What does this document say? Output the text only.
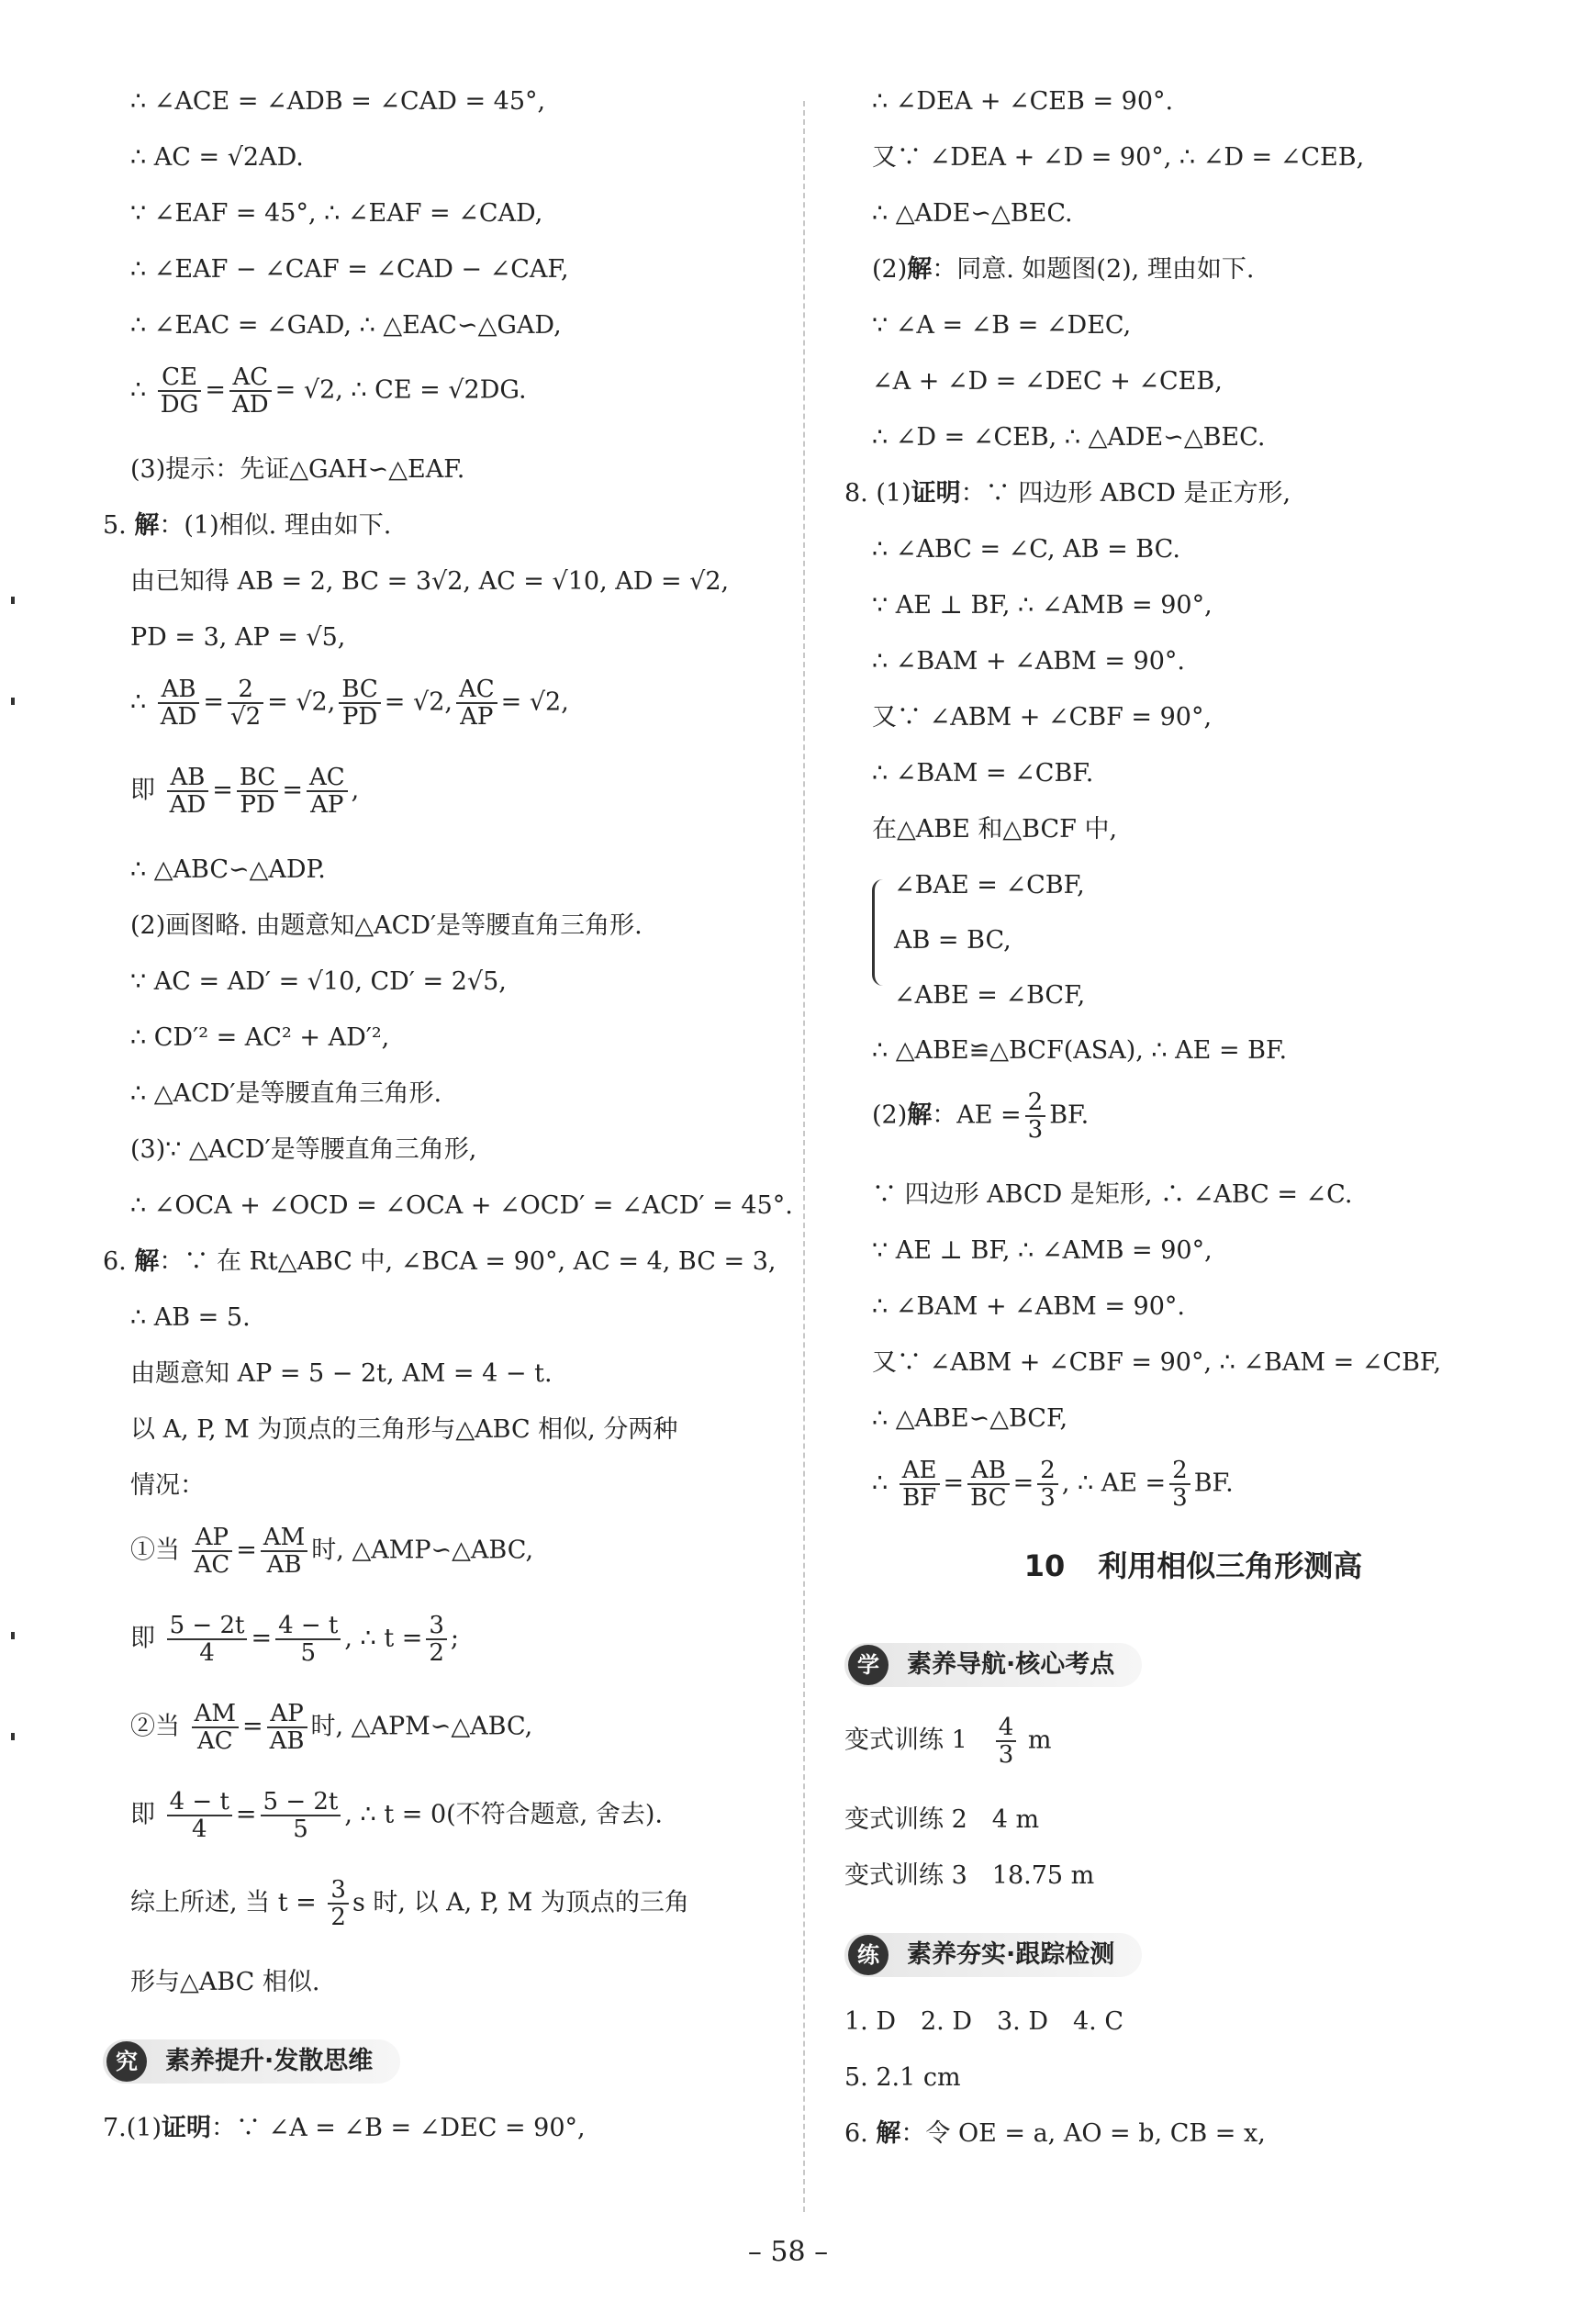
∴ ∠ACE = ∠ADB = ∠CAD = 45°,
∴ AC = √2AD.
∵ ∠EAF = 45°, ∴ ∠EAF = ∠CAD,
∴ ∠EAF − ∠CAF = ∠CAD − ∠CAF,
∴ ∠EAC = ∠GAD, ∴ △EAC∽△GAD,
∴ $\frac{CE}{DG} = \frac{AC}{AD} = √2$, ∴ CE = √2DG.
(3)提示：先证△GAH∽△EAF.
5. 解：(1)相似. 理由如下.
由已知得 AB = 2, BC = 3√2, AC = √10, AD = √2,
PD = 3, AP = √5,
∴ $\frac{AB}{AD} = \frac{2}{√2} = √2$, $\frac{BC}{PD} = √2$, $\frac{AC}{AP} = √2$,
即 $\frac{AB}{AD} = \frac{BC}{PD} = \frac{AC}{AP}$ ,
∴ △ABC∽△ADP.
(2)画图略. 由题意知△ACD′是等腰直角三角形.
∵ AC = AD′ = √10, CD′ = 2√5,
∴ CD′² = AC² + AD′²,
∴ △ACD′是等腰直角三角形.
(3)∵ △ACD′是等腰直角三角形,
∴ ∠OCA + ∠OCD = ∠OCA + ∠OCD′ = ∠ACD′ = 45°.
6. 解：∵ 在 Rt△ABC 中, ∠BCA = 90°, AC = 4, BC = 3,
∴ AB = 5.
由题意知 AP = 5 − 2t, AM = 4 − t.
以 A, P, M 为顶点的三角形与△ABC 相似, 分两种
情况：
①当 $\frac{AP}{AC} = \frac{AM}{AB}$ 时, △AMP∽△ABC,
即 $\frac{5 - 2t}{4} = \frac{4 - t}{5}$ , ∴ $t = \frac{3}{2}$ ;
②当 $\frac{AM}{AC} = \frac{AP}{AB}$ 时, △APM∽△ABC,
即 $\frac{4 - t}{4} = \frac{5 - 2t}{5}$ , ∴ t = 0(不符合题意, 舍去).
综上所述, 当 $t = \frac{3}{2}$ s 时, 以 A, P, M 为顶点的三角
形与△ABC 相似.
究	素养提升·发散思维
7.(1)证明：∵ ∠A = ∠B = ∠DEC = 90°,
∴ ∠DEA + ∠CEB = 90°.
又∵ ∠DEA + ∠D = 90°, ∴ ∠D = ∠CEB,
∴ △ADE∽△BEC.
(2)解：同意. 如题图(2), 理由如下.
∵ ∠A = ∠B = ∠DEC,
∠A + ∠D = ∠DEC + ∠CEB,
∴ ∠D = ∠CEB, ∴ △ADE∽△BEC.
8. (1)证明：∵ 四边形 ABCD 是正方形,
∴ ∠ABC = ∠C, AB = BC.
∵ AE ⊥ BF, ∴ ∠AMB = 90°,
∴ ∠BAM + ∠ABM = 90°.
又∵ ∠ABM + ∠CBF = 90°,
∴ ∠BAM = ∠CBF.
在△ABE 和△BCF 中,
∠BAE = ∠CBF,
AB = BC,
∠ABE = ∠BCF,
∴ △ABE≌△BCF(ASA), ∴ AE = BF.
(2)解：AE = $\frac{2}{3}$ BF.
∵ 四边形 ABCD 是矩形, ∴ ∠ABC = ∠C.
∵ AE ⊥ BF, ∴ ∠AMB = 90°,
∴ ∠BAM + ∠ABM = 90°.
又∵ ∠ABM + ∠CBF = 90°, ∴ ∠BAM = ∠CBF,
∴ △ABE∽△BCF,
∴ $\frac{AE}{BF} = \frac{AB}{BC} = \frac{2}{3}$ , ∴ AE = $\frac{2}{3}$ BF.
10 利用相似三角形测高
学	素养导航·核心考点
变式训练 1　 $\frac{4}{3}$ m
变式训练 2　4 m
变式训练 3　18.75 m
练	素养夯实·跟踪检测
1. D　2. D　3. D　4. C
5. 2.1 cm
6. 解：令 OE = a, AO = b, CB = x,
– 58 –
